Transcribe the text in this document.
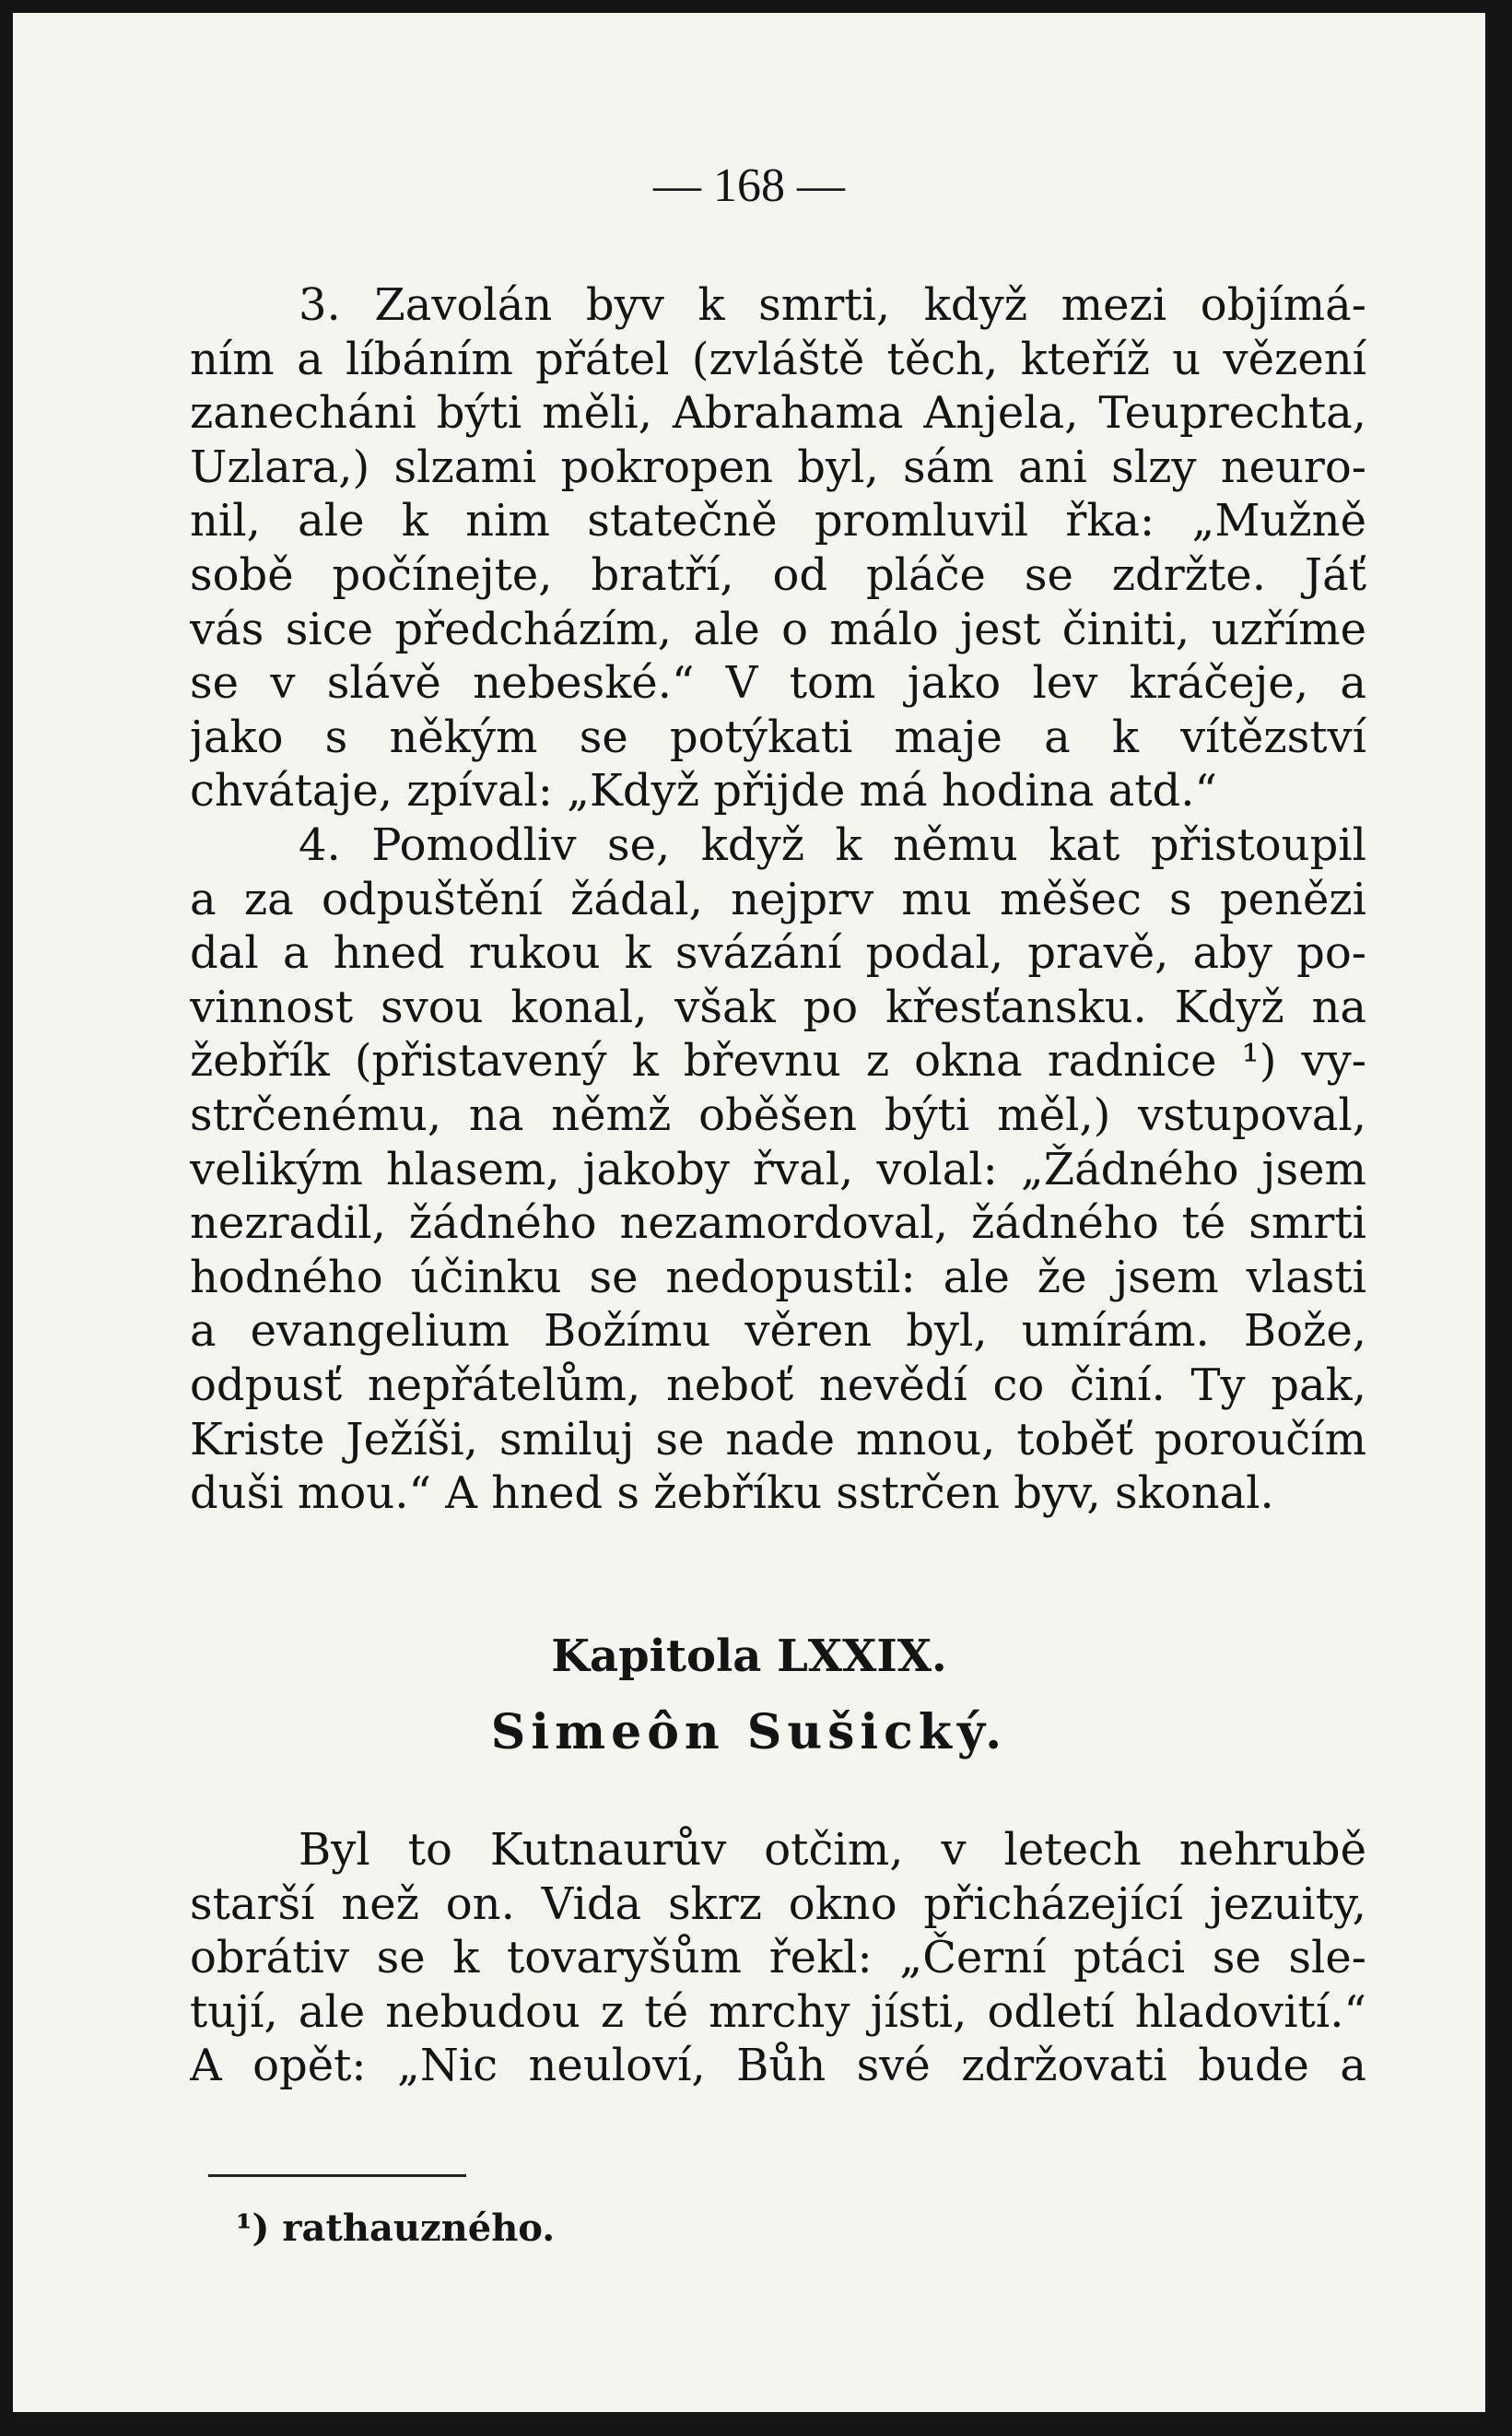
— 168 —
3. Zavolán byv k smrti, když mezi objímá-
ním a líbáním přátel (zvláště těch, kteříž u vězení
zanecháni býti měli, Abrahama Anjela, Teuprechta,
Uzlara,) slzami pokropen byl, sám ani slzy neuro-
nil, ale k nim statečně promluvil řka: „Mužně
sobě počínejte, bratří, od pláče se zdržte. Jáť
vás sice předcházím, ale o málo jest činiti, uzříme
se v slávě nebeské.“ V tom jako lev kráčeje, a
jako s někým se potýkati maje a k vítězství
chvátaje, zpíval: „Když přijde má hodina atd.“
4. Pomodliv se, když k němu kat přistoupil
a za odpuštění žádal, nejprv mu měšec s penězi
dal a hned rukou k svázání podal, pravě, aby po-
vinnost svou konal, však po křesťansku. Když na
žebřík (přistavený k břevnu z okna radnice ¹) vy-
strčenému, na němž oběšen býti měl,) vstupoval,
velikým hlasem, jakoby řval, volal: „Žádného jsem
nezradil, žádného nezamordoval, žádného té smrti
hodného účinku se nedopustil: ale že jsem vlasti
a evangelium Božímu věren byl, umírám. Bože,
odpusť nepřátelům, neboť nevědí co činí. Ty pak,
Kriste Ježíši, smiluj se nade mnou, tobě́ť poroučím
duši mou.“ A hned s žebříku sstrčen byv, skonal.
Kapitola LXXIX.
Simeôn Sušický.
Byl to Kutnaurův otčim, v letech nehrubě
starší než on. Vida skrz okno přicházející jezuity,
obrátiv se k tovaryšům řekl: „Černí ptáci se sle-
tují, ale nebudou z té mrchy jísti, odletí hladovití.“
A opět: „Nic neuloví, Bůh své zdržovati bude a
¹) rathauzného.
